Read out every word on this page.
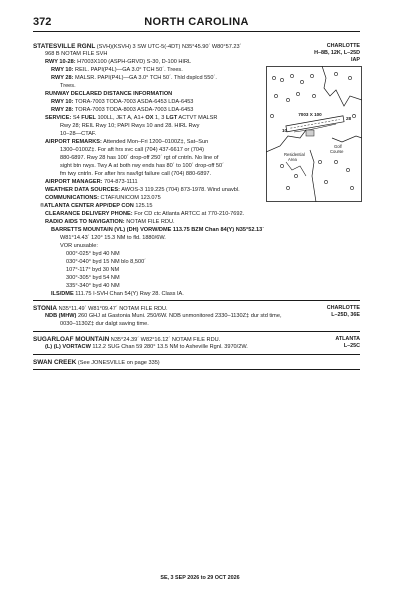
372	NORTH CAROLINA
STATESVILLE RGNL (SVH)(KSVH) 3 SW UTC-5(-4DT) N35°45.90´ W80°57.23´
968 B NOTAM FILE SVH
RWY 10-28: H7003X100 (ASPH-GRVD) S-30, D-100 HIRL
RWY 10: REIL. PAPI(P4L)—GA 3.0° TCH 50´. Trees.
RWY 28: MALSR. PAPI(P4L)—GA 3.0° TCH 50´. Thld dsplcd 550´.
Trees.
RUNWAY DECLARED DISTANCE INFORMATION
RWY 10: TORA-7003 TODA-7003 ASDA-6453 LDA-6453
RWY 28: TORA-7003 TODA-8003 ASDA-7003 LDA-6453
SERVICE: S4 FUEL 100LL, JET A, A1+ OX 1, 3 LGT ACTVT MALSR
Rwy 28; REIL Rwy 10; PAPI Rwys 10 and 28. HIRL Rwy
10–28—CTAF.
AIRPORT REMARKS: Attended Mon–Fri 1200–0100Z‡, Sat–Sun
1300–0100Z‡. For aft hrs svc call (704) 437-6617 or (704)
880-6897. Rwy 28 has 100´ drop-off 250´ rgt of cntrln. No line of
sight btn rwys. Twy A at both rwy ends has 80´ to 100´ drop-off 50´
fm twy cntrln. For after hrs nav/lgt failure call (704) 880-6897.
AIRPORT MANAGER: 704-873-1111
WEATHER DATA SOURCES: AWOS-3 119.225 (704) 873-1978. Wind unavbl.
COMMUNICATIONS: CTAF/UNICOM 123.075
®ATLANTA CENTER APP/DEP CON 125.15
CLEARANCE DELIVERY PHONE: For CD ctc Atlanta ARTCC at 770-210-7692.
RADIO AIDS TO NAVIGATION: NOTAM FILE RDU.
BARRETTS MOUNTAIN (VL) (DH) VORW/DME 113.75 BZM Chan 84(Y) N35°52.13´
W81°14.43´ 120° 15.3 NM to fld. 1880/6W.
VOR unusable:
000°-025° byd 40 NM
030°-040° byd 15 NM blo 8,500´
107°-117° byd 30 NM
300°-305° byd 54 NM
335°-340° byd 40 NM
ILS/DME 111.75 I-SVH Chan 54(Y) Rwy 28. Class IA.
CHARLOTTE
H–8B, 12K, L–25D
IAP
7003 X 100
10
28
Residential Area
Golf Course
STONIA N35°11.49´ W81°09.47´ NOTAM FILE RDU.
NDB (MHW) 260 GHJ at Gastonia Muni. 250/6W. NDB unmonitored 2330–1130Z‡ dur std time,
0030–1130Z‡ dur dalgt saving time.
CHARLOTTE
L–25D, 36E
SUGARLOAF MOUNTAIN N35°24.39´ W82°16.12´ NOTAM FILE RDU.
(L) (L) VORTACW 112.2 SUG Chan 59 280° 13.5 NM to Asheville Rgnl. 3970/2W.
ATLANTA
L–25C
SWAN CREEK (See JONESVILLE on page 335)
SE, 3 SEP 2026 to 29 OCT 2026
